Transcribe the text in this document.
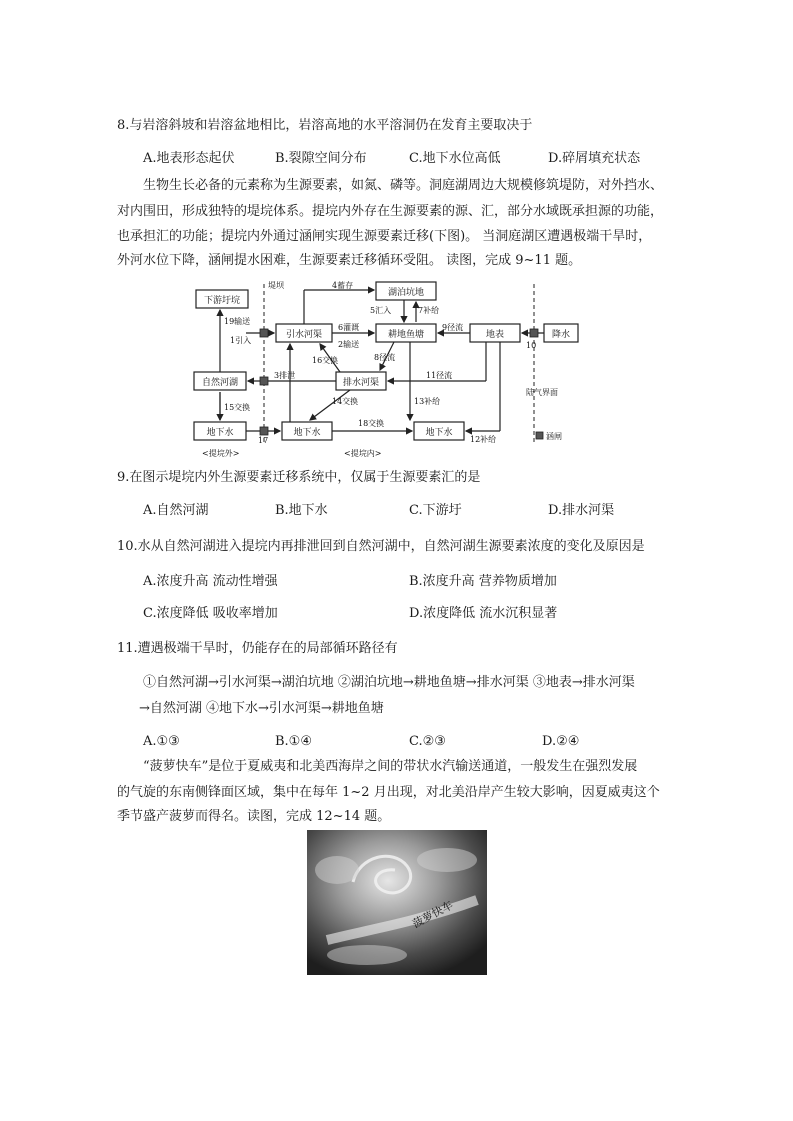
8.与岩溶斜坡和岩溶盆地相比，岩溶高地的水平溶洞仍在发育主要取决于
A.地表形态起伏	B.裂隙空间分布	C.地下水位高低	D.碎屑填充状态
生物生长必备的元素称为生源要素，如氮、磷等。洞庭湖周边大规模修筑堤防，对外挡水、
对内围田，形成独特的堤垸体系。提垸内外存在生源要素的源、汇，部分水域既承担源的功能，
也承担汇的功能；提垸内外通过涵闸实现生源要素迁移(下图)。 当洞庭湖区遭遇极端干旱时，
外河水位下降，涵闸提水困难，生源要素迁移循环受阻。 读图，完成 9~11 题。
下游圩垸
湖泊坑地
引水河渠	耕地鱼塘	地表	降水
自然河湖	排水河渠
地下水	地下水	地下水
堤坝
陆气界面
19输送
1引入
4蓄存
5汇入	7补给
6灌溉
2输送
9径流
10
16交换	8径流
3排泄	11径流
15交换
14交换	13补给
17
18交换
12补给
<提垸外>	<提垸内>
涵闸
9.在图示堤垸内外生源要素迁移系统中，仅属于生源要素汇的是
A.自然河湖	B.地下水	C.下游圩	D.排水河渠
10.水从自然河湖进入提垸内再排泄回到自然河湖中，自然河湖生源要素浓度的变化及原因是
A.浓度升高 流动性增强	B.浓度升高 营养物质增加
C.浓度降低 吸收率增加	D.浓度降低 流水沉积显著
11.遭遇极端干旱时，仍能存在的局部循环路径有
①自然河湖→引水河渠→湖泊坑地 ②湖泊坑地→耕地鱼塘→排水河渠 ③地表→排水河渠
→自然河湖 ④地下水→引水河渠→耕地鱼塘
A.①③	B.①④	C.②③	D.②④
“菠萝快车”是位于夏威夷和北美西海岸之间的带状水汽输送通道，一般发生在强烈发展
的气旋的东南侧锋面区域，集中在每年 1~2 月出现，对北美沿岸产生较大影响，因夏威夷这个
季节盛产菠萝而得名。读图，完成 12~14 题。
菠萝快车
